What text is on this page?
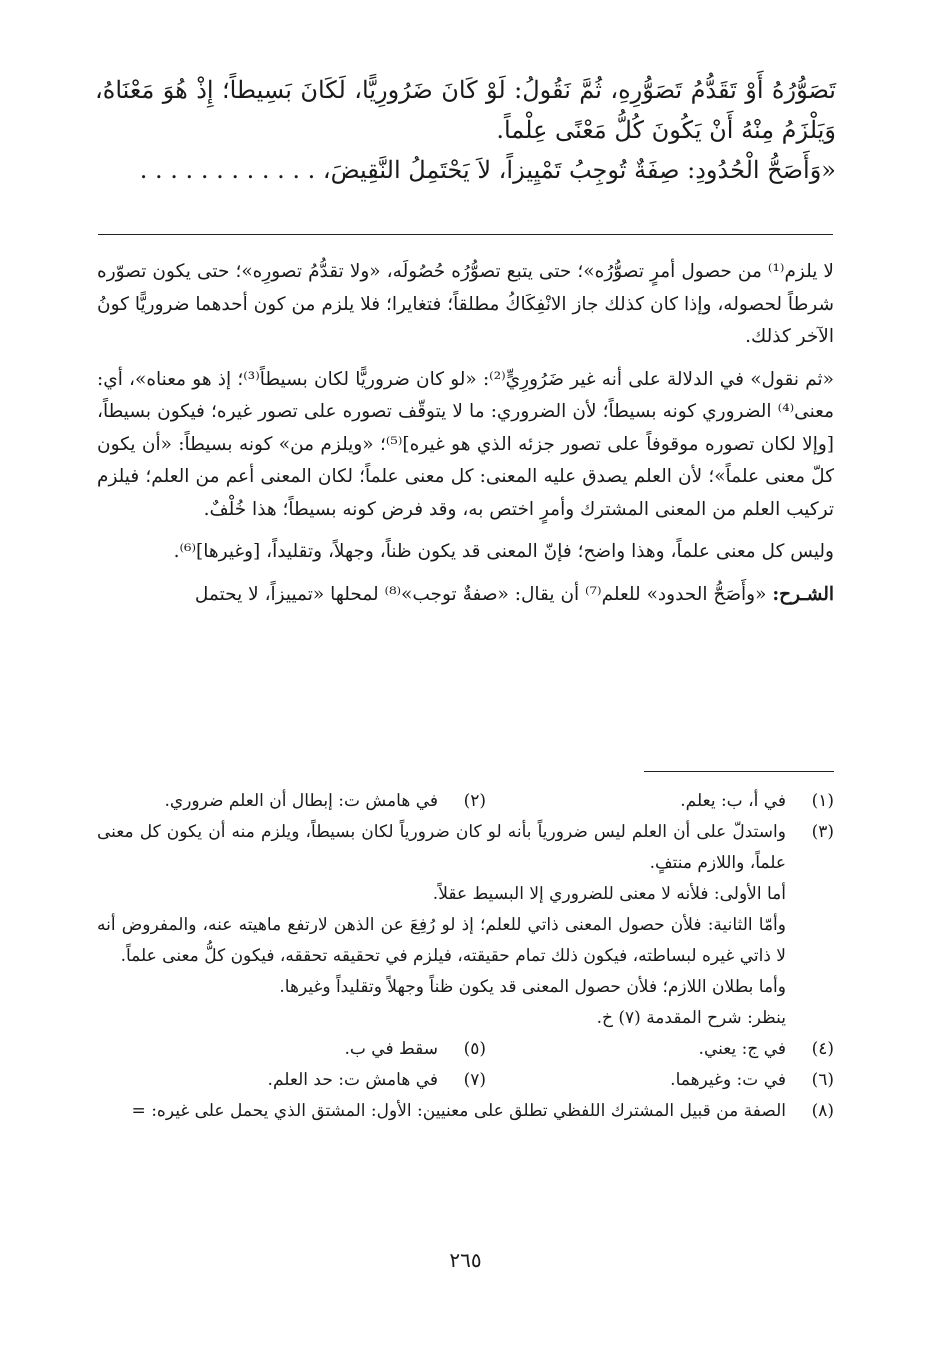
تَصَوُّرُهُ أَوْ تَقَدُّمُ تَصَوُّرِهِ، ثُمَّ نَقُولُ: لَوْ كَانَ ضَرُورِيًّا، لَكَانَ بَسِيطاً؛ إِذْ هُوَ مَعْنَاهُ، وَيَلْزَمُ مِنْهُ أَنْ يَكُونَ كُلُّ مَعْنًى عِلْماً.

«وَأَصَحُّ الْحُدُودِ: صِفَةٌ تُوجِبُ تَمْيِيزاً، لاَ يَحْتَمِلُ النَّقِيضَ، . . . . . . . . . . . .

لا يلزم⁽¹⁾ من حصول أمرٍ تصوُّرُه»؛ حتى يتبع تصوُّرُه حُصُولَه، «ولا تقدُّمُ تصورِه»؛ حتى يكون تصوّره شرطاً لحصوله، وإذا كان كذلك جاز الانْفِكَاكُ مطلقاً؛ فتغايرا؛ فلا يلزم من كون أحدهما ضروريًّا كونُ الآخر كذلك.

«ثم نقول» في الدلالة على أنه غير ضَرُورِيٍّ⁽²⁾: «لو كان ضروريًّا لكان بسيطاً⁽³⁾؛ إذ هو معناه»، أي: معنى⁽⁴⁾ الضروري كونه بسيطاً؛ لأن الضروري: ما لا يتوقّف تصوره على تصور غيره؛ فيكون بسيطاً، [وإلا لكان تصوره موقوفاً على تصور جزئه الذي هو غيره]⁽⁵⁾؛ «ويلزم من» كونه بسيطاً: «أن يكون كلّ معنى علماً»؛ لأن العلم يصدق عليه المعنى: كل معنى علماً؛ لكان المعنى أعم من العلم؛ فيلزم تركيب العلم من المعنى المشترك وأمرٍ اختص به، وقد فرض كونه بسيطاً؛ هذا خُلْفٌ.

وليس كل معنى علماً، وهذا واضح؛ فإنّ المعنى قد يكون ظناً، وجهلاً، وتقليداً، [وغيرها]⁽⁶⁾.

الشـرح: «وأَصَحُّ الحدود» للعلم⁽⁷⁾ أن يقال: «صفةٌ توجب»⁽⁸⁾ لمحلها «تمييزاً، لا يحتمل

(١)
في أ، ب: يعلم.
(٢)
في هامش ت: إبطال أن العلم ضروري.
(٣)
واستدلّ على أن العلم ليس ضرورياً بأنه لو كان ضرورياً لكان بسيطاً، ويلزم منه أن يكون كل معنى علماً، واللازم منتفٍ.
أما الأولى: فلأنه لا معنى للضروري إلا البسيط عقلاً.
وأمّا الثانية: فلأن حصول المعنى ذاتي للعلم؛ إذ لو رُفِعَ عن الذهن لارتفع ماهيته عنه، والمفروض أنه لا ذاتي غيره لبساطته، فيكون ذلك تمام حقيقته، فيلزم في تحقيقه تحققه، فيكون كلُّ معنى علماً.
وأما بطلان اللازم؛ فلأن حصول المعنى قد يكون ظناً وجهلاً وتقليداً وغيرها.
ينظر: شرح المقدمة (٧) خ.
(٤)
في ج: يعني.
(٥)
سقط في ب.
(٦)
في ت: وغيرهما.
(٧)
في هامش ت: حد العلم.
(٨)
الصفة من قبيل المشترك اللفظي تطلق على معنيين: الأول: المشتق الذي يحمل على غيره: =
٢٦٥
